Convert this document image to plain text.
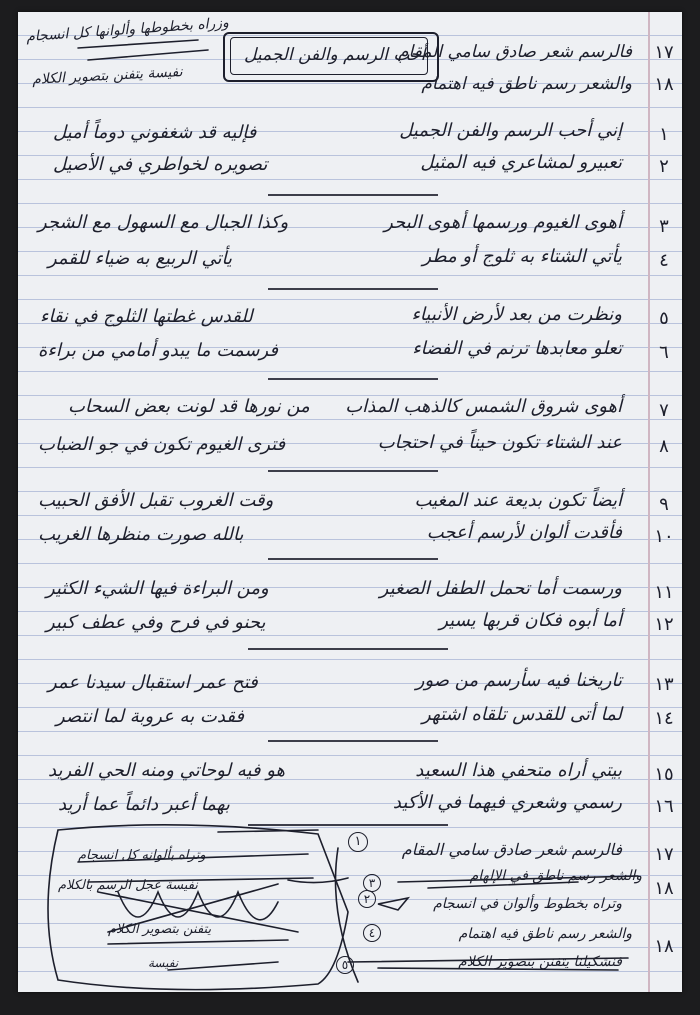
١٧
١٨
فالرسم شعر صادق سامي المقام
والشعر رسم ناطق فيه اهتمام
أحب الرسم والفن الجميل
وزراه بخطوطها وألوانها كل انسجام
نفيسة يتفنن بتصوير الكلام
١
إني أحب الرسم والفن الجميل
فإليه قد شغفوني دوماً أميل
٢
تعبيرو لمشاعري فيه المثيل
تصويره لخواطري في الأصيل
٣
أهوى الغيوم ورسمها أهوى البحر
وكذا الجبال مع السهول مع الشجر
٤
يأتي الشتاء به ثلوج أو مطر
يأتي الربيع به ضياء للقمر
٥
ونظرت من بعد لأرض الأنبياء
للقدس غطتها الثلوج في نقاء
٦
تعلو معابدها ترنم في الفضاء
فرسمت ما يبدو أمامي من براءة
٧
أهوى شروق الشمس كالذهب المذاب
من نورها قد لونت بعض السحاب
٨
عند الشتاء تكون حيناً في احتجاب
فترى الغيوم تكون في جو الضباب
٩
أيضاً تكون بديعة عند المغيب
وقت الغروب تقبل الأفق الحبيب
١٠
فأقدت ألوان لأرسم أعجب
بالله صورت منظرها الغريب
١١
ورسمت أما تحمل الطفل الصغير
ومن البراءة فيها الشيء الكثير
١٢
أما أبوه فكان قربها يسير
يحنو في فرح وفي عطف كبير
١٣
تاريخنا فيه سأرسم من صور
فتح عمر استقبال سيدنا عمر
١٤
لما أتى للقدس تلقاه اشتهر
فقدت به عروبة لما انتصر
١٥
بيتي أراه متحفي هذا السعيد
هو فيه لوحاتي ومنه الحي الفريد
١٦
رسمي وشعري فيهما في الأكيد
بهما أعبر دائماً عما أريد
١٧
١٨
١٨
فالرسم شعر صادق سامي المقام
والشعر رسم ناطق في الإلهام
وتراه بخطوط وألوان في انسجام
والشعر رسم ناطق فيه اهتمام
فنشكيلنا يتفنن بتصوير الكلام
وتراه بألوانه كل انسجام
نفيسة عجل الرسم بالكلام
يتفنن بتصوير الكلام
نفيسة
١
٢
٣
٤
٥
